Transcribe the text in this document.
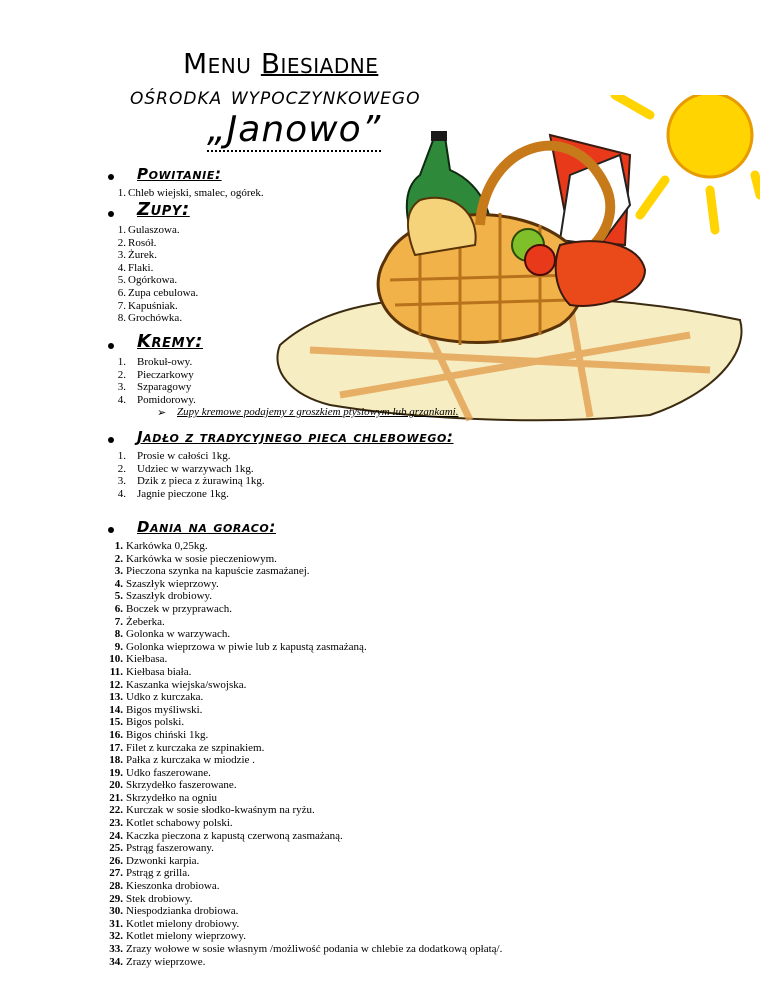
Menu Biesiadne
ośrodka wypoczynkowego
„Janowo”
Powitanie:
1. Chleb wiejski, smalec, ogórek.
Zupy:
1. Gulaszowa.
2. Rosół.
3. Żurek.
4. Flaki.
5. Ogórkowa.
6. Zupa cebulowa.
7. Kapuśniak.
8. Grochówka.
Kremy:
1. Brokuł-owy.
2. Pieczarkowy
3. Szparagowy
4. Pomidorowy.
➢ Zupy kremowe podajemy z groszkiem ptysiowym lub grzankami.
Jadło z tradycyjnego pieca chlebowego:
1. Prosie w całości 1kg.
2. Udziec w warzywach 1kg.
3. Dzik z pieca z żurawiną 1kg.
4. Jagnie pieczone 1kg.
Dania na goraco:
1. Karkówka 0,25kg.
2. Karkówka w sosie pieczeniowym.
3. Pieczona szynka na kapuście zasmażanej.
4. Szaszłyk wieprzowy.
5. Szaszłyk drobiowy.
6. Boczek w przyprawach.
7. Żeberka.
8. Golonka w warzywach.
9. Golonka wieprzowa w piwie lub z kapustą zasmażaną.
10. Kiełbasa.
11. Kiełbasa biała.
12. Kaszanka wiejska/swojska.
13. Udko z kurczaka.
14. Bigos myśliwski.
15. Bigos polski.
16. Bigos chiński 1kg.
17. Filet z kurczaka ze szpinakiem.
18. Pałka z kurczaka w miodzie .
19. Udko faszerowane.
20. Skrzydełko faszerowane.
21. Skrzydełko na ogniu
22. Kurczak w sosie słodko-kwaśnym na ryżu.
23. Kotlet schabowy polski.
24. Kaczka pieczona z kapustą czerwoną zasmażaną.
25. Pstrąg faszerowany.
26. Dzwonki karpia.
27. Pstrąg z grilla.
28. Kieszonka drobiowa.
29. Stek drobiowy.
30. Niespodzianka drobiowa.
31. Kotlet mielony drobiowy.
32. Kotlet mielony wieprzowy.
33. Zrazy wołowe w sosie własnym /możliwość podania w chlebie za dodatkową opłatą/.
34. Zrazy wieprzowe.
